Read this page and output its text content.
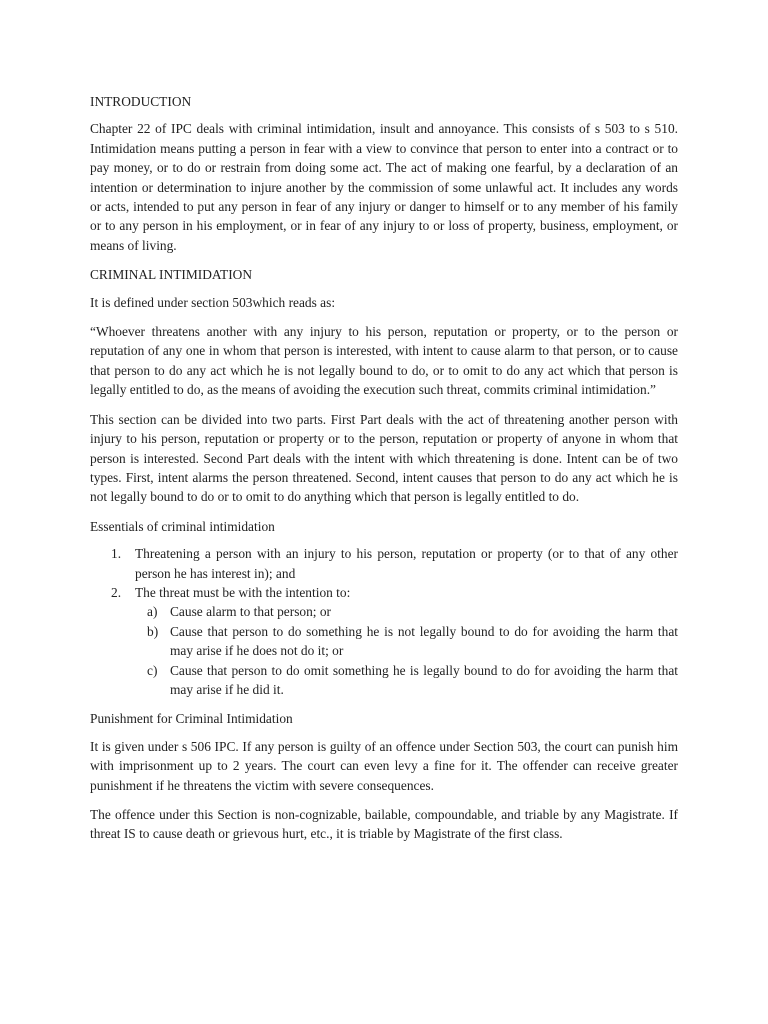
INTRODUCTION

Chapter 22 of IPC deals with criminal intimidation, insult and annoyance. This consists of s 503 to s 510. Intimidation means putting a person in fear with a view to convince that person to enter into a contract or to pay money, or to do or restrain from doing some act. The act of making one fearful, by a declaration of an intention or determination to injure another by the commission of some unlawful act. It includes any words or acts, intended to put any person in fear of any injury or danger to himself or to any member of his family or to any person in his employment, or in fear of any injury to or loss of property, business, employment, or means of living.

CRIMINAL INTIMIDATION

It is defined under section 503which reads as:

“Whoever threatens another with any injury to his person, reputation or property, or to the person or reputation of any one in whom that person is interested, with intent to cause alarm to that person, or to cause that person to do any act which he is not legally bound to do, or to omit to do any act which that person is legally entitled to do, as the means of avoiding the execution such threat, commits criminal intimidation.”

This section can be divided into two parts. First Part deals with the act of threatening another person with injury to his person, reputation or property or to the person, reputation or property of anyone in whom that person is interested. Second Part deals with the intent with which threatening is done. Intent can be of two types. First, intent alarms the person threatened. Second, intent causes that person to do any act which he is not legally bound to do or to omit to do anything which that person is legally entitled to do.

Essentials of criminal intimidation
1. Threatening a person with an injury to his person, reputation or property (or to that of any other person he has interest in); and
2. The threat must be with the intention to:
a) Cause alarm to that person; or
b) Cause that person to do something he is not legally bound to do for avoiding the harm that may arise if he does not do it; or
c) Cause that person to do omit something he is legally bound to do for avoiding the harm that may arise if he did it.
Punishment for Criminal Intimidation

It is given under s 506 IPC. If any person is guilty of an offence under Section 503, the court can punish him with imprisonment up to 2 years. The court can even levy a fine for it. The offender can receive greater punishment if he threatens the victim with severe consequences.

The offence under this Section is non-cognizable, bailable, compoundable, and triable by any Magistrate. If threat IS to cause death or grievous hurt, etc., it is triable by Magistrate of the first class.
